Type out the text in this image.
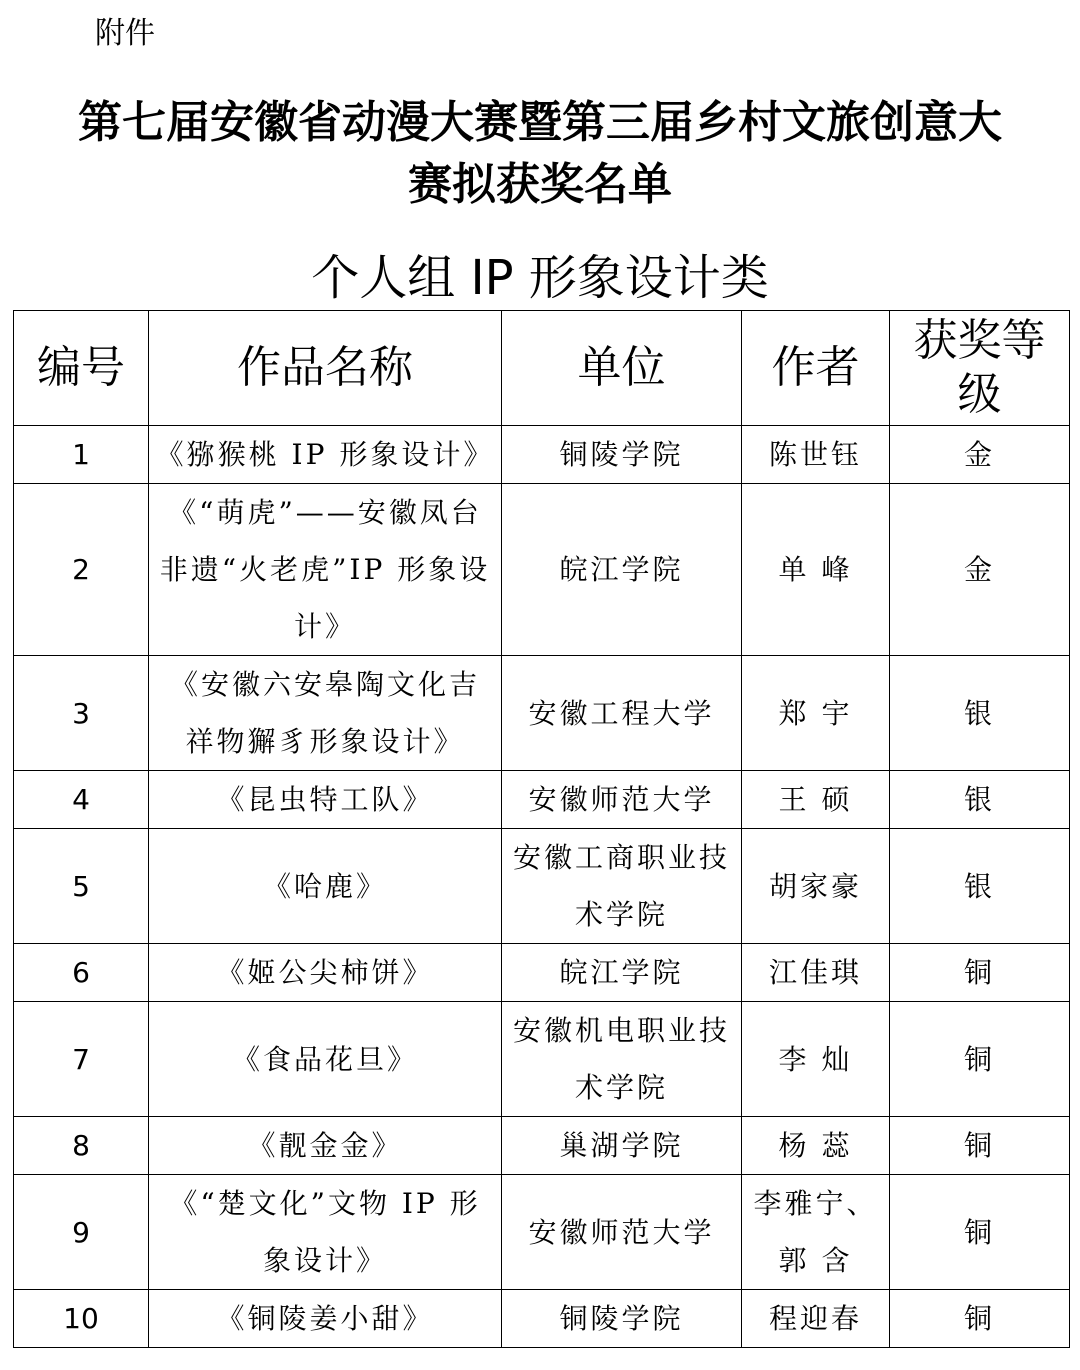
附件
第七届安徽省动漫大赛暨第三届乡村文旅创意大
赛拟获奖名单
个人组 IP 形象设计类
编号	作品名称	单位	作者	获奖等级
1	《猕猴桃 IP 形象设计》	铜陵学院	陈世钰	金
2	《“萌虎”——安徽凤台非遗“火老虎”IP 形象设计》	皖江学院	单 峰	金
3	《安徽六安皋陶文化吉祥物獬豸形象设计》	安徽工程大学	郑 宇	银
4	《昆虫特工队》	安徽师范大学	王 硕	银
5	《哈鹿》	安徽工商职业技术学院	胡家豪	银
6	《姬公尖柿饼》	皖江学院	江佳琪	铜
7	《食品花旦》	安徽机电职业技术学院	李 灿	铜
8	《靓金金》	巢湖学院	杨 蕊	铜
9	《“楚文化”文物 IP 形象设计》	安徽师范大学	李雅宁、郭 含	铜
10	《铜陵姜小甜》	铜陵学院	程迎春	铜
